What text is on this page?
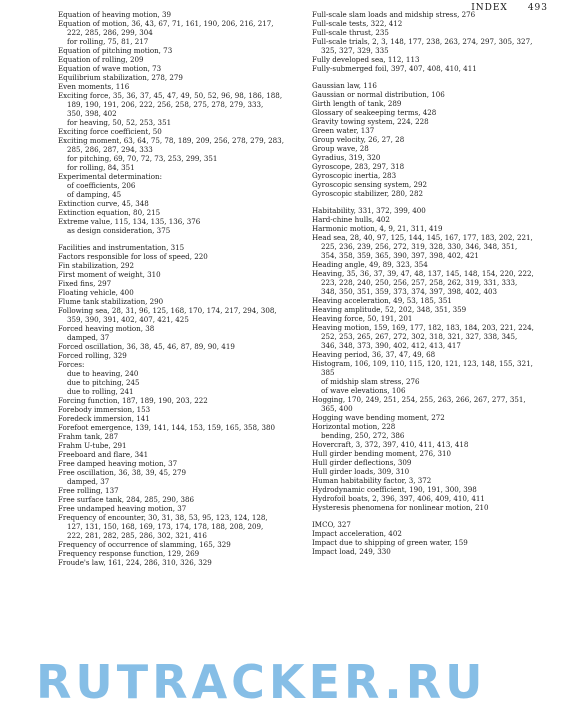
INDEX 493
Equation of heaving motion, 39
Equation of motion, 36, 43, 67, 71, 161, 190, 206, 216, 217,
222, 285, 286, 299, 304
for rolling, 75, 81, 217
Equation of pitching motion, 73
Equation of rolling, 209
Equation of wave motion, 73
Equilibrium stabilization, 278, 279
Even moments, 116
Exciting force, 35, 36, 37, 45, 47, 49, 50, 52, 96, 98, 186, 188,
189, 190, 191, 206, 222, 256, 258, 275, 278, 279, 333,
350, 398, 402
for heaving, 50, 52, 253, 351
Exciting force coefficient, 50
Exciting moment, 63, 64, 75, 78, 189, 209, 256, 278, 279, 283,
285, 286, 287, 294, 333
for pitching, 69, 70, 72, 73, 253, 299, 351
for rolling, 84, 351
Experimental determination:
of coefficients, 206
of damping, 45
Extinction curve, 45, 348
Extinction equation, 80, 215
Extreme value, 115, 134, 135, 136, 376
as design consideration, 375
Facilities and instrumentation, 315
Factors responsible for loss of speed, 220
Fin stabilization, 292
First moment of weight, 310
Fixed fins, 297
Floating vehicle, 400
Flume tank stabilization, 290
Following sea, 28, 31, 96, 125, 168, 170, 174, 217, 294, 308,
359, 390, 391, 402, 407, 421, 425
Forced heaving motion, 38
damped, 37
Forced oscillation, 36, 38, 45, 46, 87, 89, 90, 419
Forced rolling, 329
Forces:
due to heaving, 240
due to pitching, 245
due to rolling, 241
Forcing function, 187, 189, 190, 203, 222
Forebody immersion, 153
Foredeck immersion, 141
Forefoot emergence, 139, 141, 144, 153, 159, 165, 358, 380
Frahm tank, 287
Frahm U-tube, 291
Freeboard and flare, 341
Free damped heaving motion, 37
Free oscillation, 36, 38, 39, 45, 279
damped, 37
Free rolling, 137
Free surface tank, 284, 285, 290, 386
Free undamped heaving motion, 37
Frequency of encounter, 30, 31, 38, 53, 95, 123, 124, 128,
127, 131, 150, 168, 169, 173, 174, 178, 188, 208, 209,
222, 281, 282, 285, 286, 302, 321, 416
Frequency of occurrence of slamming, 165, 329
Frequency response function, 129, 269
Froude's law, 161, 224, 286, 310, 326, 329
Full-scale slam loads and midship stress, 276
Full-scale tests, 322, 412
Full-scale thrust, 235
Full-scale trials, 2, 3, 148, 177, 238, 263, 274, 297, 305, 327,
325, 327, 329, 335
Fully developed sea, 112, 113
Fully-submerged foil, 397, 407, 408, 410, 411
Gaussian law, 116
Gaussian or normal distribution, 106
Girth length of tank, 289
Glossary of seakeeping terms, 428
Gravity towing system, 224, 228
Green water, 137
Group velocity, 26, 27, 28
Group wave, 28
Gyradius, 319, 320
Gyroscope, 283, 297, 318
Gyroscopic inertia, 283
Gyroscopic sensing system, 292
Gyroscopic stabilizer, 280, 282
Habitability, 331, 372, 399, 400
Hard-chine hulls, 402
Harmonic motion, 4, 9, 21, 311, 419
Head sea, 28, 40, 97, 125, 144, 145, 167, 177, 183, 202, 221,
225, 236, 239, 256, 272, 319, 328, 330, 346, 348, 351,
354, 358, 359, 365, 390, 397, 398, 402, 421
Heading angle, 49, 89, 323, 354
Heaving, 35, 36, 37, 39, 47, 48, 137, 145, 148, 154, 220, 222,
223, 228, 240, 250, 256, 257, 258, 262, 319, 331, 333,
348, 350, 351, 359, 373, 374, 397, 398, 402, 403
Heaving acceleration, 49, 53, 185, 351
Heaving amplitude, 52, 202, 348, 351, 359
Heaving force, 50, 191, 201
Heaving motion, 159, 169, 177, 182, 183, 184, 203, 221, 224,
252, 253, 265, 267, 272, 302, 318, 321, 327, 338, 345,
346, 348, 373, 390, 402, 412, 413, 417
Heaving period, 36, 37, 47, 49, 68
Histogram, 106, 109, 110, 115, 120, 121, 123, 148, 155, 321,
385
of midship slam stress, 276
of wave elevations, 106
Hogging, 170, 249, 251, 254, 255, 263, 266, 267, 277, 351,
365, 400
Hogging wave bending moment, 272
Horizontal motion, 228
bending, 250, 272, 386
Hovercraft, 3, 372, 397, 410, 411, 413, 418
Hull girder bending moment, 276, 310
Hull girder deflections, 309
Hull girder loads, 309, 310
Human habitability factor, 3, 372
Hydrodynamic coefficient, 190, 191, 300, 398
Hydrofoil boats, 2, 396, 397, 406, 409, 410, 411
Hysteresis phenomena for nonlinear motion, 210
IMCO, 327
Impact acceleration, 402
Impact due to shipping of green water, 159
Impact load, 249, 330
RUTRACKER.RU
